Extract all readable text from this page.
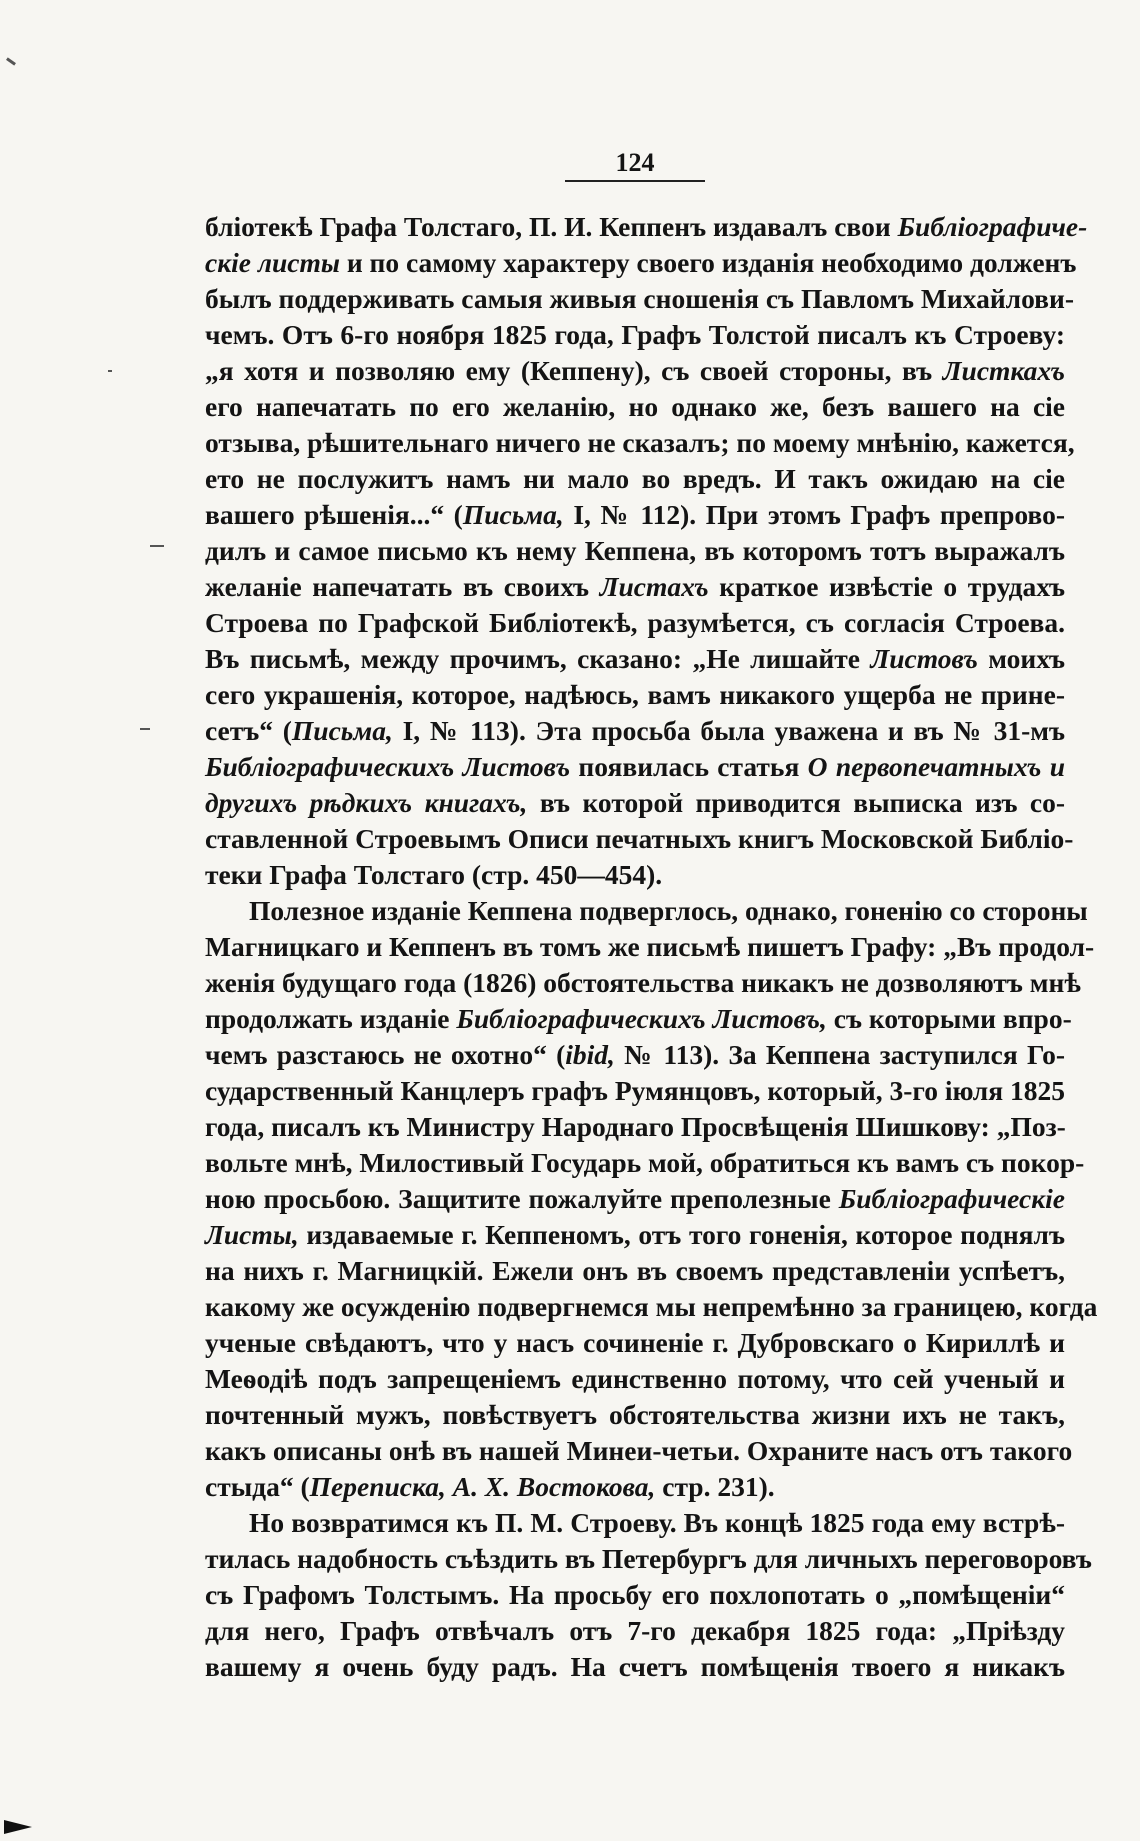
124
бліотекѣ Графа Толстаго, П. И. Кеппенъ издавалъ свои Библіографиче-
скіе листы и по самому характеру своего изданія необходимо долженъ
былъ поддерживать самыя живыя сношенія съ Павломъ Михайлови-
чемъ. Отъ 6-го ноября 1825 года, Графъ Толстой писалъ къ Строеву:
„я хотя и позволяю ему (Кеппену), съ своей стороны, въ Листкахъ
его напечатать по его желанію, но однако же, безъ вашего на сіе
отзыва, рѣшительнаго ничего не сказалъ; по моему мнѣнію, кажется,
ето не послужитъ намъ ни мало во вредъ. И такъ ожидаю на сіе
вашего рѣшенія...“ (Письма, I, № 112). При этомъ Графъ препрово-
дилъ и самое письмо къ нему Кеппена, въ которомъ тотъ выражалъ
желаніе напечатать въ своихъ Листахъ краткое извѣстіе о трудахъ
Строева по Графской Библіотекѣ, разумѣется, съ согласія Строева.
Въ письмѣ, между прочимъ, сказано: „Не лишайте Листовъ моихъ
сего украшенія, которое, надѣюсь, вамъ никакого ущерба не принe-
сетъ“ (Письма, I, № 113). Эта просьба была уважена и въ № 31-мъ
Библіографическихъ Листовъ появилась статья О первопечатныхъ и
другихъ рѣдкихъ книгахъ, въ которой приводится выписка изъ со-
ставленной Строевымъ Описи печатныхъ книгъ Московской Библіо-
теки Графа Толстаго (стр. 450—454).
Полезное изданіе Кеппена подверглось, однако, гоненію со стороны
Магницкаго и Кеппенъ въ томъ же письмѣ пишетъ Графу: „Въ продол-
женія будущаго года (1826) обстоятельства никакъ не дозволяютъ мнѣ
продолжать изданіе Библіографическихъ Листовъ, съ которыми впро-
чемъ разстаюсь не охотно“ (ibid, № 113). За Кеппена заступился Го-
сударственный Канцлеръ графъ Румянцовъ, который, 3-го іюля 1825
года, писалъ къ Министру Народнаго Просвѣщенія Шишкову: „Поз-
вольте мнѣ, Милостивый Государь мой, обратиться къ вамъ съ покор-
ною просьбою. Защитите пожалуйте преполезные Библіографическіе
Листы, издаваемые г. Кеппеномъ, отъ того гоненія, которое поднялъ
на нихъ г. Магницкій. Ежели онъ въ своемъ представленіи успѣетъ,
какому же осужденію подвергнемся мы непремѣнно за границею, когда
ученые свѣдаютъ, что у насъ сочиненіе г. Дубровскаго о Кириллѣ и
Меѳодіѣ подъ запрещеніемъ единственно потому, что сей ученый и
почтенный мужъ, повѣствуетъ обстоятельства жизни ихъ не такъ,
какъ описаны онѣ въ нашей Минеи-четьи. Охраните насъ отъ такого
стыда“ (Переписка, А. Х. Востокова, стр. 231).
Но возвратимся къ П. М. Строеву. Въ концѣ 1825 года ему встрѣ-
тилась надобность съѣздить въ Петербургъ для личныхъ переговоровъ
съ Графомъ Толстымъ. На просьбу его похлопотать о „помѣщеніи“
для него, Графъ отвѣчалъ отъ 7-го декабря 1825 года: „Пріѣзду
вашему я очень буду радъ. На счетъ помѣщенія твоего я никакъ
